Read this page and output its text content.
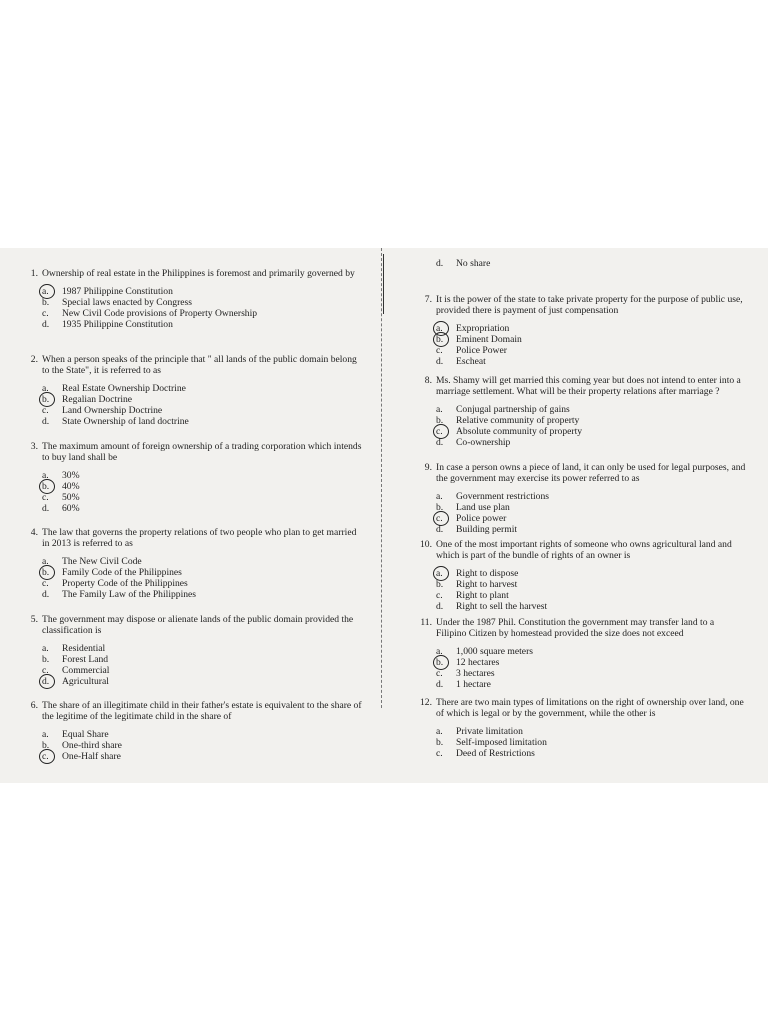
1. Ownership of real estate in the Philippines is foremost and primarily governed by

a.	1987 Philippine Constitution
b.	Special laws enacted by Congress
c.	New Civil Code provisions of Property Ownership
d.	1935 Philippine Constitution
2. When a person speaks of the principle that " all lands of the public domain belong to the State", it is referred to as

a.	Real Estate Ownership Doctrine
b.	Regalian Doctrine
c.	Land Ownership Doctrine
d.	State Ownership of land doctrine
3. The maximum amount of foreign ownership of a trading corporation which intends to buy land shall be

a.	30%
b.	40%
c.	50%
d.	60%
4. The law that governs the property relations of two people who plan to get married in 2013 is referred to as

a.	The New Civil Code
b.	Family Code of the Philippines
c.	Property Code of the Philippines
d.	The Family Law of the Philippines
5. The government may dispose or alienate lands of the public domain provided the classification is

a.	Residential
b.	Forest Land
c.	Commercial
d.	Agricultural
6. The share of an illegitimate child in their father's estate is equivalent to the share of the legitime of the legitimate child in the share of

a.	Equal Share
b.	One-third share
c.	One-Half share

d.	No share
7. It is the power of the state to take private property for the purpose of public use, provided there is payment of just compensation

a.	Expropriation
b.	Eminent Domain
c.	Police Power
d.	Escheat
8. Ms. Shamy will get married this coming year but does not intend to enter into a marriage settlement. What will be their property relations after marriage ?

a.	Conjugal partnership of gains
b.	Relative community of property
c.	Absolute community of property
d.	Co-ownership
9. In case a person owns a piece of land, it can only be used for legal purposes, and the government may exercise its power referred to as

a.	Government restrictions
b.	Land use plan
c.	Police power
d.	Building permit
10. One of the most important rights of someone who owns agricultural land and which is part of the bundle of rights of an owner is

a.	Right to dispose
b.	Right to harvest
c.	Right to plant
d.	Right to sell the harvest
11. Under the 1987 Phil. Constitution the government may transfer land to a Filipino Citizen by homestead provided the size does not exceed

a.	1,000 square meters
b.	12 hectares
c.	3 hectares
d.	1 hectare
12. There are two main types of limitations on the right of ownership over land, one of which is legal or by the government, while the other is

a.	Private limitation
b.	Self-imposed limitation
c.	Deed of Restrictions
